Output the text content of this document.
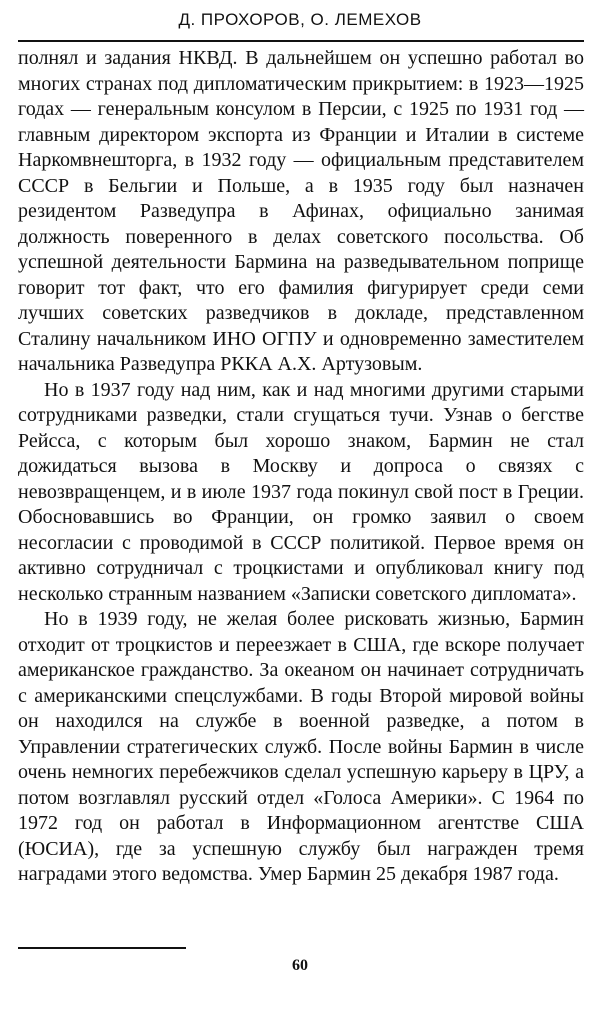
Д. ПРОХОРОВ, О. ЛЕМЕХОВ

полнял и задания НКВД. В дальнейшем он успешно работал во многих странах под дипломатическим прикрытием: в 1923—1925 годах — генеральным консулом в Персии, с 1925 по 1931 год — главным директором экспорта из Франции и Италии в системе Наркомвнешторга, в 1932 году — официальным представителем СССР в Бельгии и Польше, а в 1935 году был назначен резидентом Разведупра в Афинах, официально занимая должность поверенного в делах советского посольства. Об успешной деятельности Бармина на разведывательном поприще говорит тот факт, что его фамилия фигурирует среди семи лучших советских разведчиков в докладе, представленном Сталину начальником ИНО ОГПУ и одновременно заместителем начальника Разведупра РККА А.Х. Артузовым.

Но в 1937 году над ним, как и над многими другими старыми сотрудниками разведки, стали сгущаться тучи. Узнав о бегстве Рейсса, с которым был хорошо знаком, Бармин не стал дожидаться вызова в Москву и допроса о связях с невозвращенцем, и в июле 1937 года покинул свой пост в Греции. Обосновавшись во Франции, он громко заявил о своем несогласии с проводимой в СССР политикой. Первое время он активно сотрудничал с троцкистами и опубликовал книгу под несколько странным названием «Записки советского дипломата».

Но в 1939 году, не желая более рисковать жизнью, Бармин отходит от троцкистов и переезжает в США, где вскоре получает американское гражданство. За океаном он начинает сотрудничать с американскими спецслужбами. В годы Второй мировой войны он находился на службе в военной разведке, а потом в Управлении стратегических служб. После войны Бармин в числе очень немногих перебежчиков сделал успешную карьеру в ЦРУ, а потом возглавлял русский отдел «Голоса Америки». С 1964 по 1972 год он работал в Информационном агентстве США (ЮСИА), где за успешную службу был награжден тремя наградами этого ведомства. Умер Бармин 25 декабря 1987 года.

60
